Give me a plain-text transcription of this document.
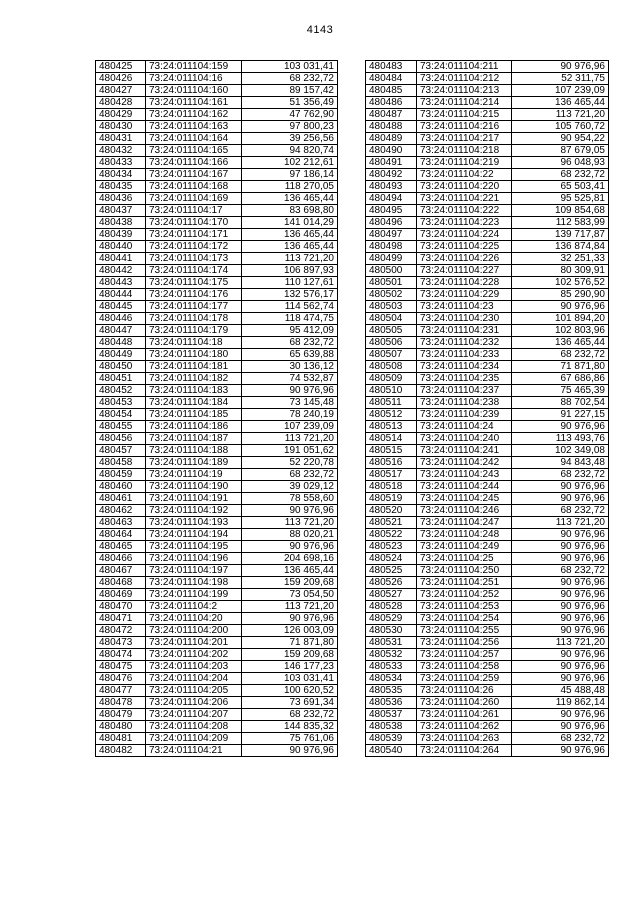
4143
480425	73:24:011104:159	103 031,41
480426	73:24:011104:16	68 232,72
480427	73:24:011104:160	89 157,42
480428	73:24:011104:161	51 356,49
480429	73:24:011104:162	47 762,90
480430	73:24:011104:163	97 800,23
480431	73:24:011104:164	39 256,56
480432	73:24:011104:165	94 820,74
480433	73:24:011104:166	102 212,61
480434	73:24:011104:167	97 186,14
480435	73:24:011104:168	118 270,05
480436	73:24:011104:169	136 465,44
480437	73:24:011104:17	83 698,80
480438	73:24:011104:170	141 014,29
480439	73:24:011104:171	136 465,44
480440	73:24:011104:172	136 465,44
480441	73:24:011104:173	113 721,20
480442	73:24:011104:174	106 897,93
480443	73:24:011104:175	110 127,61
480444	73:24:011104:176	132 576,17
480445	73:24:011104:177	114 562,74
480446	73:24:011104:178	118 474,75
480447	73:24:011104:179	95 412,09
480448	73:24:011104:18	68 232,72
480449	73:24:011104:180	65 639,88
480450	73:24:011104:181	30 136,12
480451	73:24:011104:182	74 532,87
480452	73:24:011104:183	90 976,96
480453	73:24:011104:184	73 145,48
480454	73:24:011104:185	78 240,19
480455	73:24:011104:186	107 239,09
480456	73:24:011104:187	113 721,20
480457	73:24:011104:188	191 051,62
480458	73:24:011104:189	52 220,78
480459	73:24:011104:19	68 232,72
480460	73:24:011104:190	39 029,12
480461	73:24:011104:191	78 558,60
480462	73:24:011104:192	90 976,96
480463	73:24:011104:193	113 721,20
480464	73:24:011104:194	88 020,21
480465	73:24:011104:195	90 976,96
480466	73:24:011104:196	204 698,16
480467	73:24:011104:197	136 465,44
480468	73:24:011104:198	159 209,68
480469	73:24:011104:199	73 054,50
480470	73:24:011104:2	113 721,20
480471	73:24:011104:20	90 976,96
480472	73:24:011104:200	126 003,09
480473	73:24:011104:201	71 871,80
480474	73:24:011104:202	159 209,68
480475	73:24:011104:203	146 177,23
480476	73:24:011104:204	103 031,41
480477	73:24:011104:205	100 620,52
480478	73:24:011104:206	73 691,34
480479	73:24:011104:207	68 232,72
480480	73:24:011104:208	144 835,32
480481	73:24:011104:209	75 761,06
480482	73:24:011104:21	90 976,96
480483	73:24:011104:211	90 976,96
480484	73:24:011104:212	52 311,75
480485	73:24:011104:213	107 239,09
480486	73:24:011104:214	136 465,44
480487	73:24:011104:215	113 721,20
480488	73:24:011104:216	105 760,72
480489	73:24:011104:217	90 954,22
480490	73:24:011104:218	87 679,05
480491	73:24:011104:219	96 048,93
480492	73:24:011104:22	68 232,72
480493	73:24:011104:220	65 503,41
480494	73:24:011104:221	95 525,81
480495	73:24:011104:222	109 854,68
480496	73:24:011104:223	112 583,99
480497	73:24:011104:224	139 717,87
480498	73:24:011104:225	136 874,84
480499	73:24:011104:226	32 251,33
480500	73:24:011104:227	80 309,91
480501	73:24:011104:228	102 576,52
480502	73:24:011104:229	85 290,90
480503	73:24:011104:23	90 976,96
480504	73:24:011104:230	101 894,20
480505	73:24:011104:231	102 803,96
480506	73:24:011104:232	136 465,44
480507	73:24:011104:233	68 232,72
480508	73:24:011104:234	71 871,80
480509	73:24:011104:235	67 686,86
480510	73:24:011104:237	75 465,39
480511	73:24:011104:238	88 702,54
480512	73:24:011104:239	91 227,15
480513	73:24:011104:24	90 976,96
480514	73:24:011104:240	113 493,76
480515	73:24:011104:241	102 349,08
480516	73:24:011104:242	94 843,48
480517	73:24:011104:243	68 232,72
480518	73:24:011104:244	90 976,96
480519	73:24:011104:245	90 976,96
480520	73:24:011104:246	68 232,72
480521	73:24:011104:247	113 721,20
480522	73:24:011104:248	90 976,96
480523	73:24:011104:249	90 976,96
480524	73:24:011104:25	90 976,96
480525	73:24:011104:250	68 232,72
480526	73:24:011104:251	90 976,96
480527	73:24:011104:252	90 976,96
480528	73:24:011104:253	90 976,96
480529	73:24:011104:254	90 976,96
480530	73:24:011104:255	90 976,96
480531	73:24:011104:256	113 721,20
480532	73:24:011104:257	90 976,96
480533	73:24:011104:258	90 976,96
480534	73:24:011104:259	90 976,96
480535	73:24:011104:26	45 488,48
480536	73:24:011104:260	119 862,14
480537	73:24:011104:261	90 976,96
480538	73:24:011104:262	90 976,96
480539	73:24:011104:263	68 232,72
480540	73:24:011104:264	90 976,96
